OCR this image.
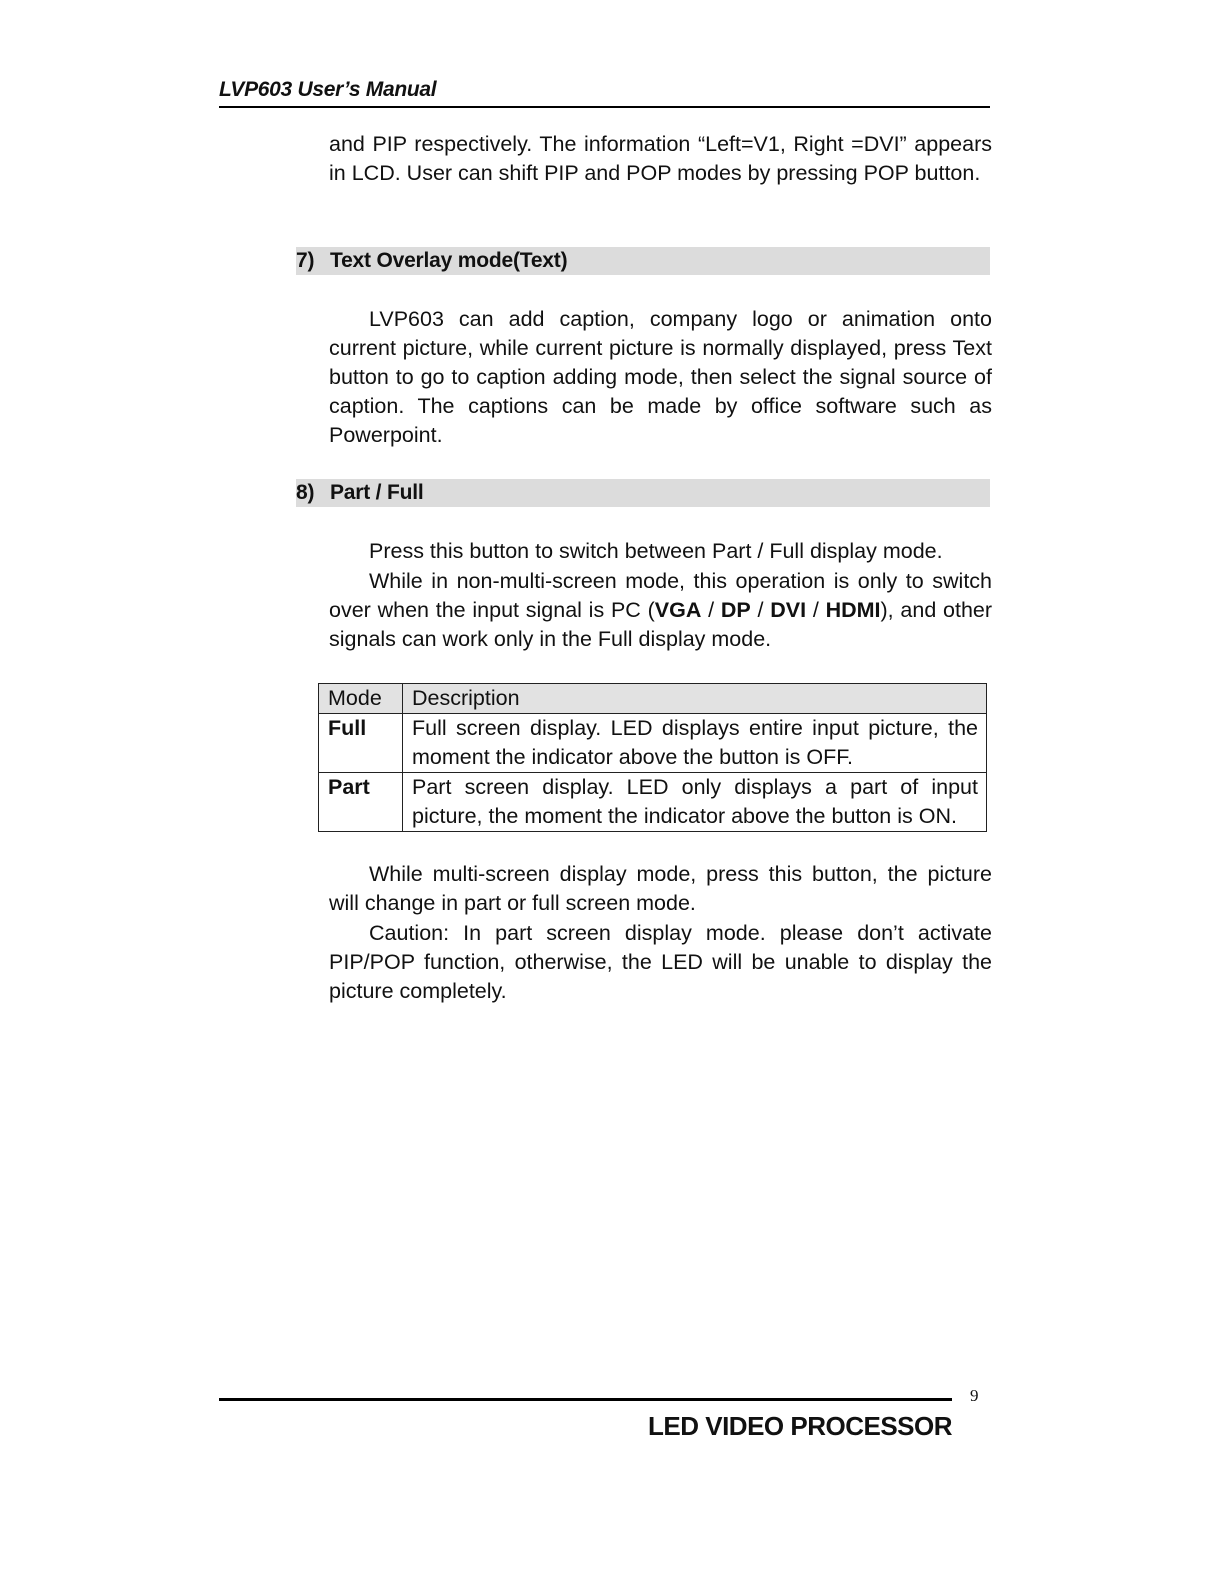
LVP603 User’s Manual

and PIP respectively. The information “Left=V1, Right =DVI” appears in LCD. User can shift PIP and POP modes by pressing POP button.

7) Text Overlay mode(Text)

LVP603 can add caption, company logo or animation onto current picture, while current picture is normally displayed, press Text button to go to caption adding mode, then select the signal source of caption. The captions can be made by office software such as Powerpoint.

8) Part / Full

Press this button to switch between Part / Full display mode.

While in non-multi-screen mode, this operation is only to switch over when the input signal is PC (VGA / DP / DVI / HDMI), and other signals can work only in the Full display mode.

Mode	Description
Full	Full screen display. LED displays entire input picture, the moment the indicator above the button is OFF.
Part	Part screen display. LED only displays a part of input picture, the moment the indicator above the button is ON.

While multi-screen display mode, press this button, the picture will change in part or full screen mode.

Caution: In part screen display mode. please don’t activate PIP/POP function, otherwise, the LED will be unable to display the picture completely.

9
LED VIDEO PROCESSOR
